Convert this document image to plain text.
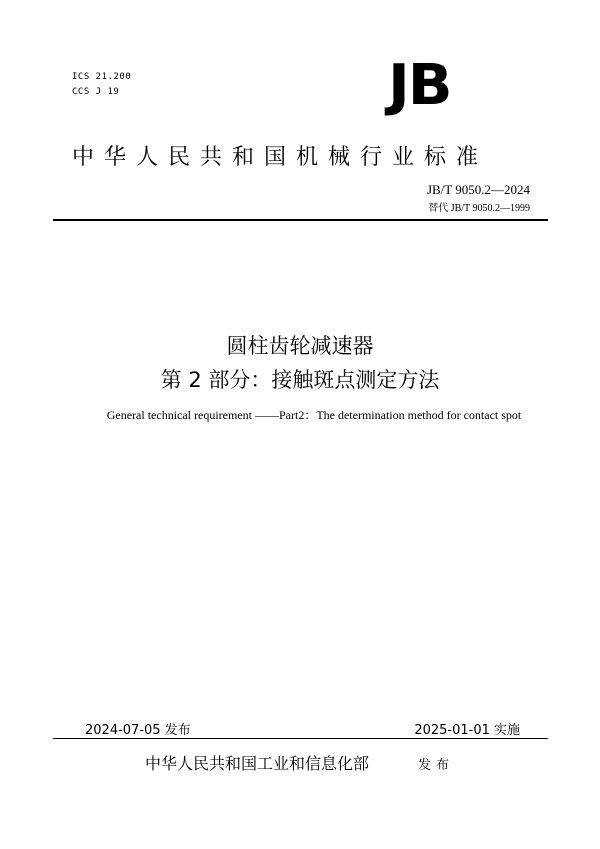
ICS 21.200
CCS J 19	JB
中华人民共和国机械行业标准
JB/T 9050.2—2024
替代 JB/T 9050.2—1999
圆柱齿轮减速器
第 2 部分：接触斑点测定方法
General technical requirement ——Part2：The determination method for contact spot
2024-07-05 发布	2025-01-01 实施
中华人民共和国工业和信息化部	发布
